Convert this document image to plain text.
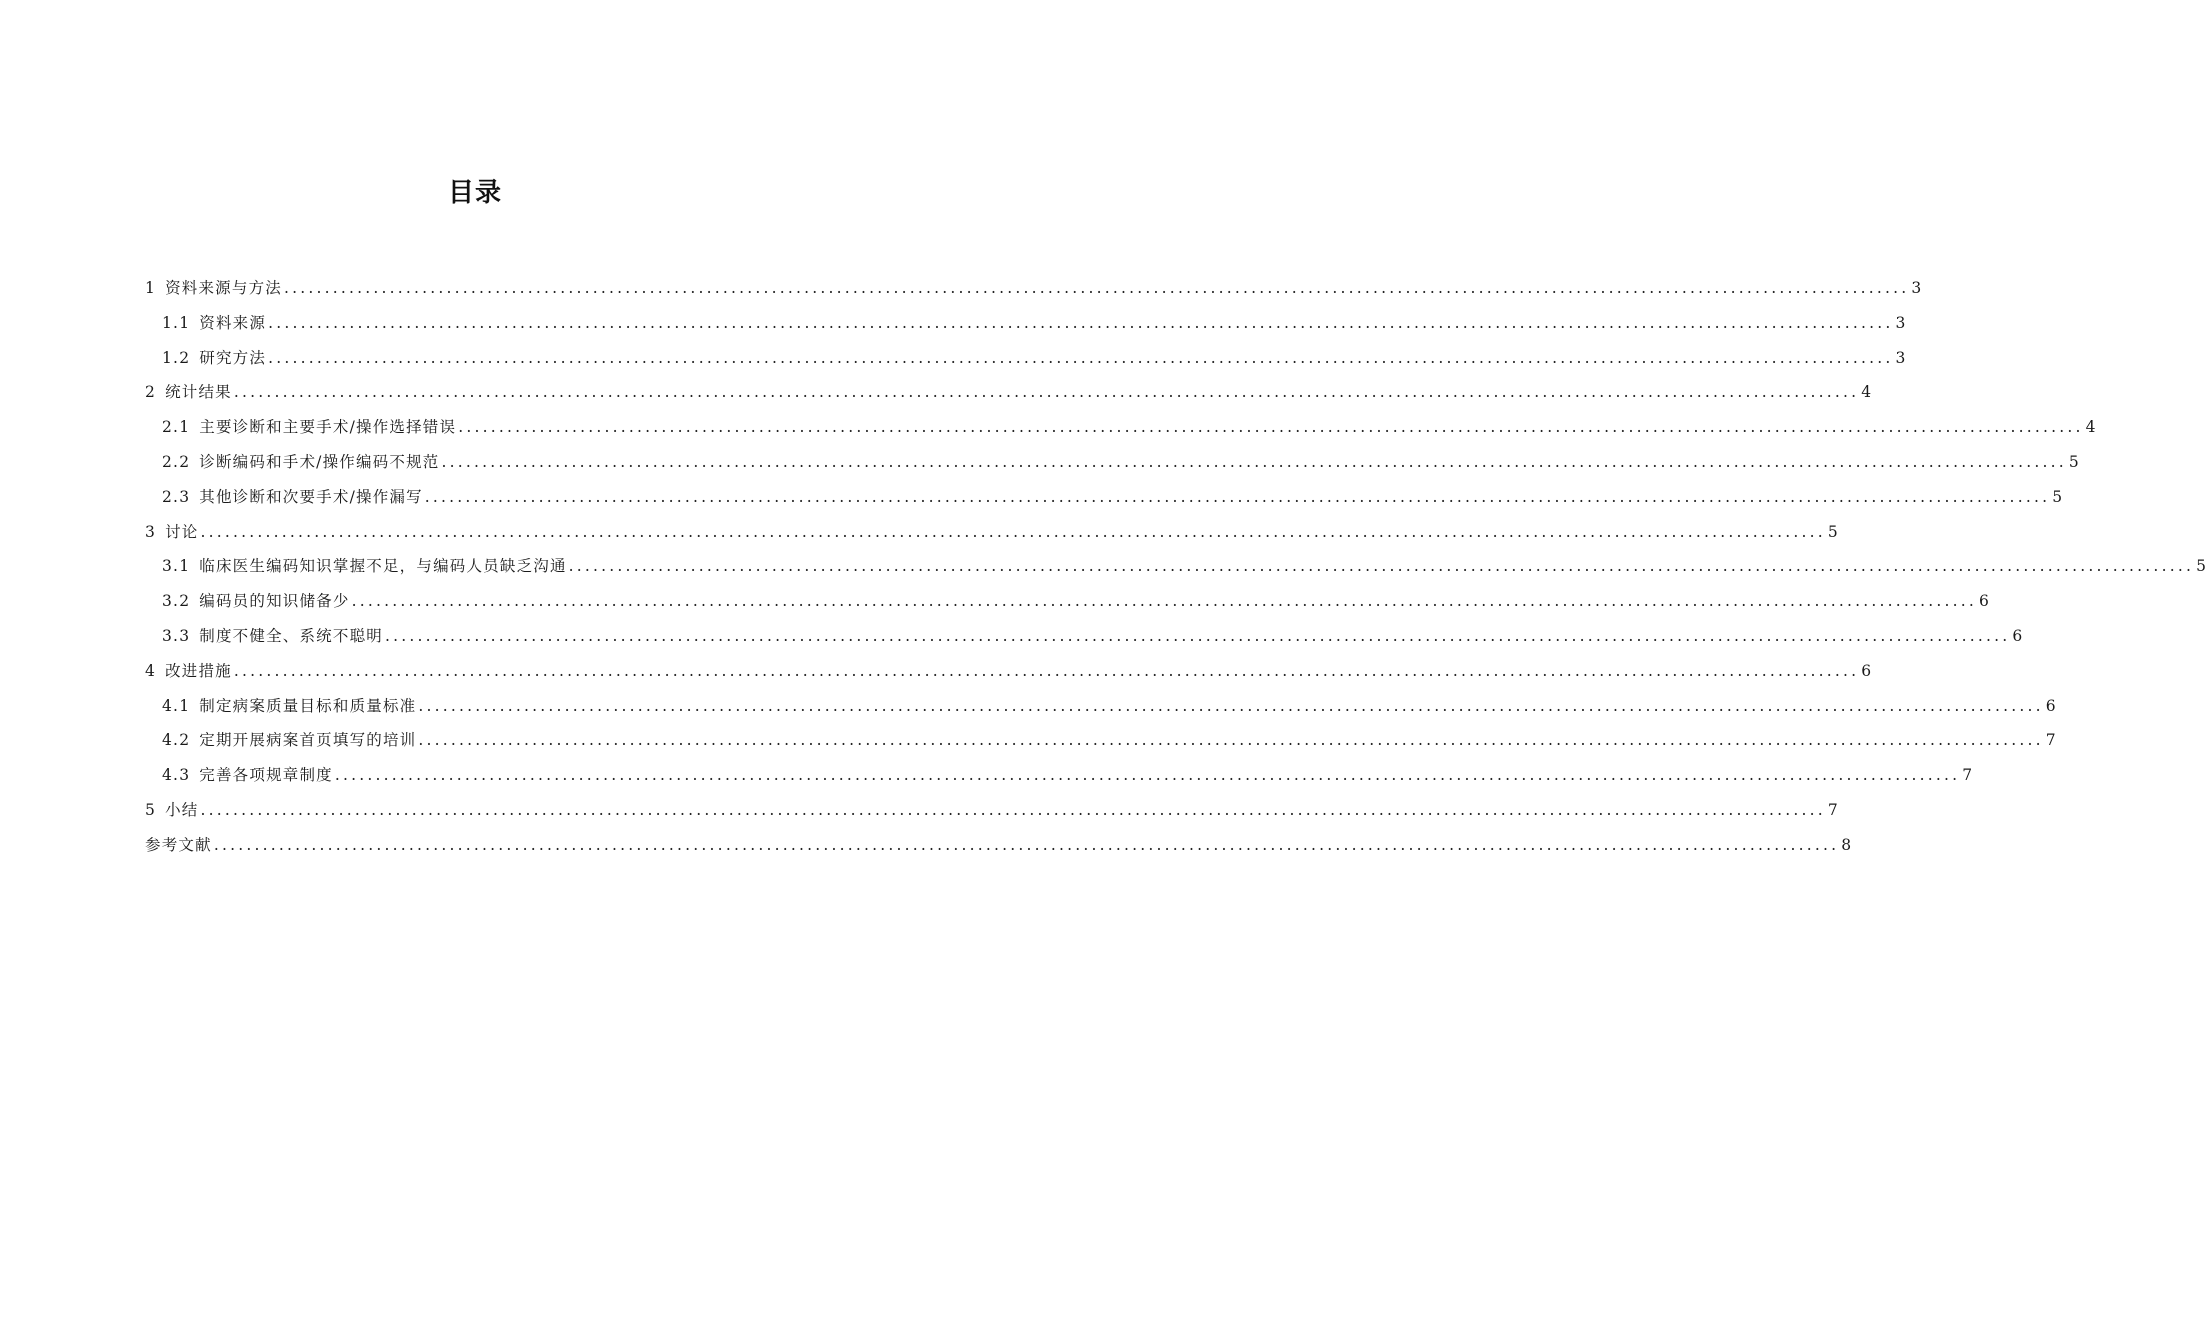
目录
1 资料来源与方法 ........................................................................................................................................................................................................ 3
1.1 资料来源 ........................................................................................................................................................................................................ 3
1.2 研究方法 ........................................................................................................................................................................................................ 3
2 统计结果 ........................................................................................................................................................................................................ 4
2.1 主要诊断和主要手术/操作选择错误 ........................................................................................................................................................................................................ 4
2.2 诊断编码和手术/操作编码不规范 ........................................................................................................................................................................................................ 5
2.3 其他诊断和次要手术/操作漏写 ........................................................................................................................................................................................................ 5
3 讨论 ........................................................................................................................................................................................................ 5
3.1 临床医生编码知识掌握不足，与编码人员缺乏沟通 ........................................................................................................................................................................................................ 5
3.2 编码员的知识储备少 ........................................................................................................................................................................................................ 6
3.3 制度不健全、系统不聪明 ........................................................................................................................................................................................................ 6
4 改进措施 ........................................................................................................................................................................................................ 6
4.1 制定病案质量目标和质量标准 ........................................................................................................................................................................................................ 6
4.2 定期开展病案首页填写的培训 ........................................................................................................................................................................................................ 7
4.3 完善各项规章制度 ........................................................................................................................................................................................................ 7
5 小结 ........................................................................................................................................................................................................ 7
参考文献 ........................................................................................................................................................................................................ 8
